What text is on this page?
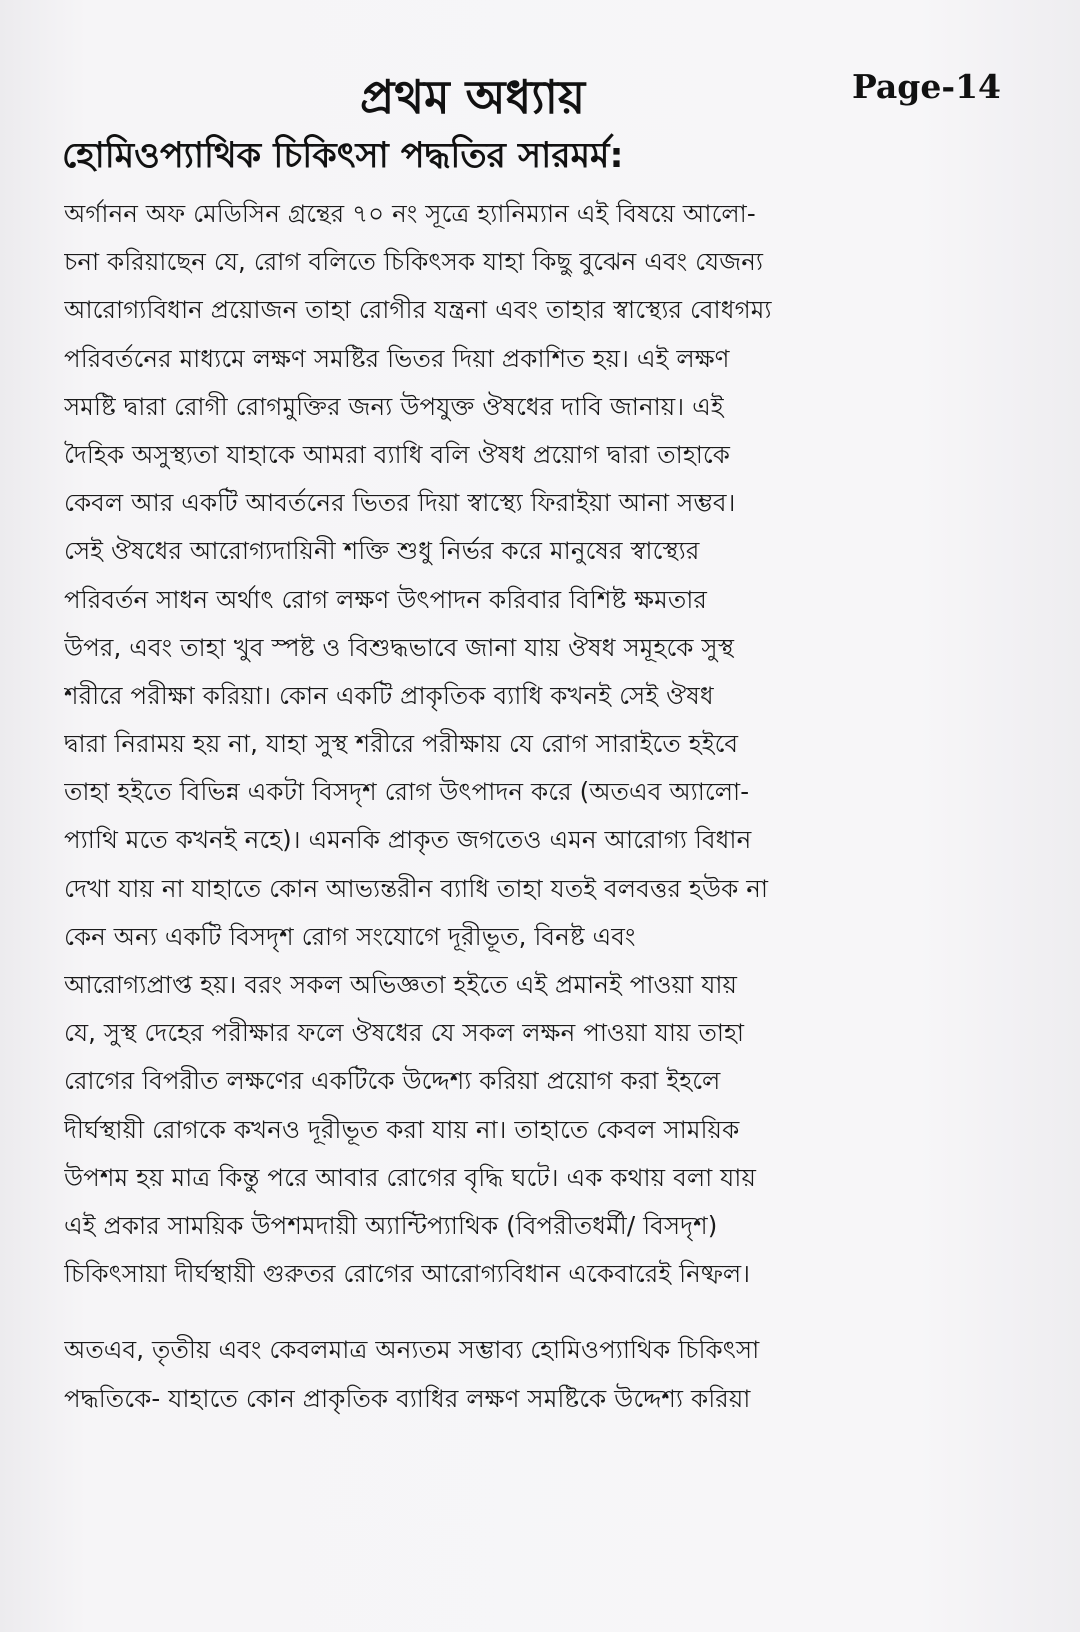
প্রথম অধ্যায়	Page-14
হোমিওপ্যাথিক চিকিৎসা পদ্ধতির সারমর্ম:
অর্গানন অফ মেডিসিন গ্রন্থের ৭০ নং সূত্রে হ্যানিম্যান এই বিষয়ে আলো-
চনা করিয়াছেন যে, রোগ বলিতে চিকিৎসক যাহা কিছু বুঝেন এবং যেজন্য
আরোগ্যবিধান প্রয়োজন তাহা রোগীর যন্ত্রনা এবং তাহার স্বাস্থ্যের বোধগম্য
পরিবর্তনের মাধ্যমে লক্ষণ সমষ্টির ভিতর দিয়া প্রকাশিত হয়। এই লক্ষণ
সমষ্টি দ্বারা রোগী রোগমুক্তির জন্য উপযুক্ত ঔষধের দাবি জানায়। এই
দৈহিক অসুস্থ্যতা যাহাকে আমরা ব্যাধি বলি ঔষধ প্রয়োগ দ্বারা তাহাকে
কেবল আর একটি আবর্তনের ভিতর দিয়া স্বাস্থ্যে ফিরাইয়া আনা সম্ভব।
সেই ঔষধের আরোগ্যদায়িনী শক্তি শুধু নির্ভর করে মানুষের স্বাস্থ্যের
পরিবর্তন সাধন অর্থাৎ রোগ লক্ষণ উৎপাদন করিবার বিশিষ্ট ক্ষমতার
উপর, এবং তাহা খুব স্পষ্ট ও বিশুদ্ধভাবে জানা যায় ঔষধ সমূহকে সুস্থ
শরীরে পরীক্ষা করিয়া। কোন একটি প্রাকৃতিক ব্যাধি কখনই সেই ঔষধ
দ্বারা নিরাময় হয় না, যাহা সুস্থ শরীরে পরীক্ষায় যে রোগ সারাইতে হইবে
তাহা হইতে বিভিন্ন একটা বিসদৃশ রোগ উৎপাদন করে (অতএব অ্যালো-
প্যাথি মতে কখনই নহে)। এমনকি প্রাকৃত জগতেও এমন আরোগ্য বিধান
দেখা যায় না যাহাতে কোন আভ্যন্তরীন ব্যাধি তাহা যতই বলবত্তর হউক না
কেন অন্য একটি বিসদৃশ রোগ সংযোগে দূরীভূত, বিনষ্ট এবং
আরোগ্যপ্রাপ্ত হয়। বরং সকল অভিজ্ঞতা হইতে এই প্রমানই পাওয়া যায়
যে, সুস্থ দেহের পরীক্ষার ফলে ঔষধের যে সকল লক্ষন পাওয়া যায় তাহা
রোগের বিপরীত লক্ষণের একটিকে উদ্দেশ্য করিয়া প্রয়োগ করা ইহলে
দীর্ঘস্থায়ী রোগকে কখনও দূরীভূত করা যায় না। তাহাতে কেবল সাময়িক
উপশম হয় মাত্র কিন্তু পরে আবার রোগের বৃদ্ধি ঘটে। এক কথায় বলা যায়
এই প্রকার সাময়িক উপশমদায়ী অ্যান্টিপ্যাথিক (বিপরীতধর্মী/ বিসদৃশ)
চিকিৎসায়া দীর্ঘস্থায়ী গুরুতর রোগের আরোগ্যবিধান একেবারেই নিষ্ফল।
অতএব, তৃতীয় এবং কেবলমাত্র অন্যতম সম্ভাব্য হোমিওপ্যাথিক চিকিৎসা
পদ্ধতিকে- যাহাতে কোন প্রাকৃতিক ব্যাধির লক্ষণ সমষ্টিকে উদ্দেশ্য করিয়া
